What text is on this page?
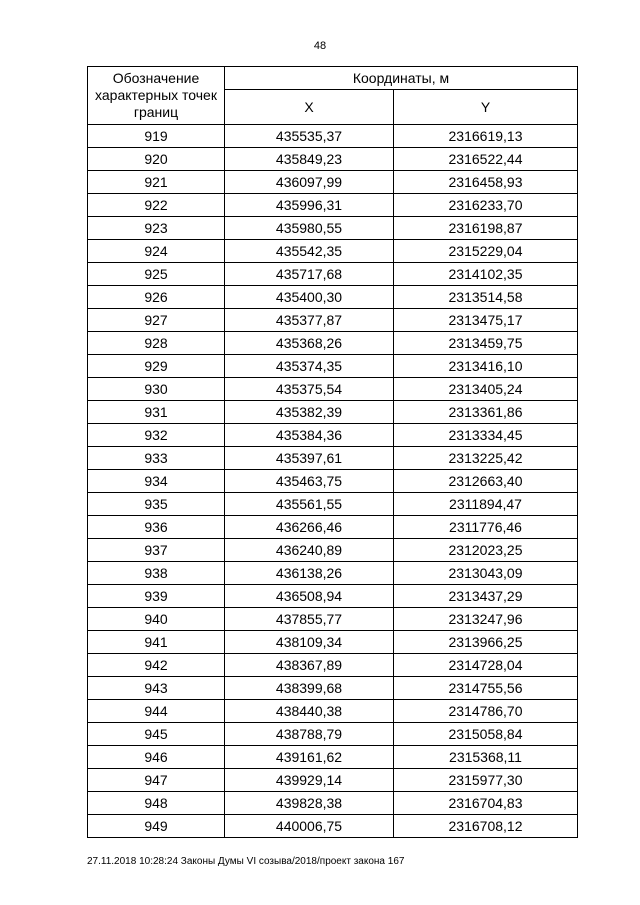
48
Обозначение характерных точек границ	Координаты, м	
	X	Y
919	435535,37	2316619,13
920	435849,23	2316522,44
921	436097,99	2316458,93
922	435996,31	2316233,70
923	435980,55	2316198,87
924	435542,35	2315229,04
925	435717,68	2314102,35
926	435400,30	2313514,58
927	435377,87	2313475,17
928	435368,26	2313459,75
929	435374,35	2313416,10
930	435375,54	2313405,24
931	435382,39	2313361,86
932	435384,36	2313334,45
933	435397,61	2313225,42
934	435463,75	2312663,40
935	435561,55	2311894,47
936	436266,46	2311776,46
937	436240,89	2312023,25
938	436138,26	2313043,09
939	436508,94	2313437,29
940	437855,77	2313247,96
941	438109,34	2313966,25
942	438367,89	2314728,04
943	438399,68	2314755,56
944	438440,38	2314786,70
945	438788,79	2315058,84
946	439161,62	2315368,11
947	439929,14	2315977,30
948	439828,38	2316704,83
949	440006,75	2316708,12
27.11.2018 10:28:24 Законы Думы VI созыва/2018/проект закона 167
